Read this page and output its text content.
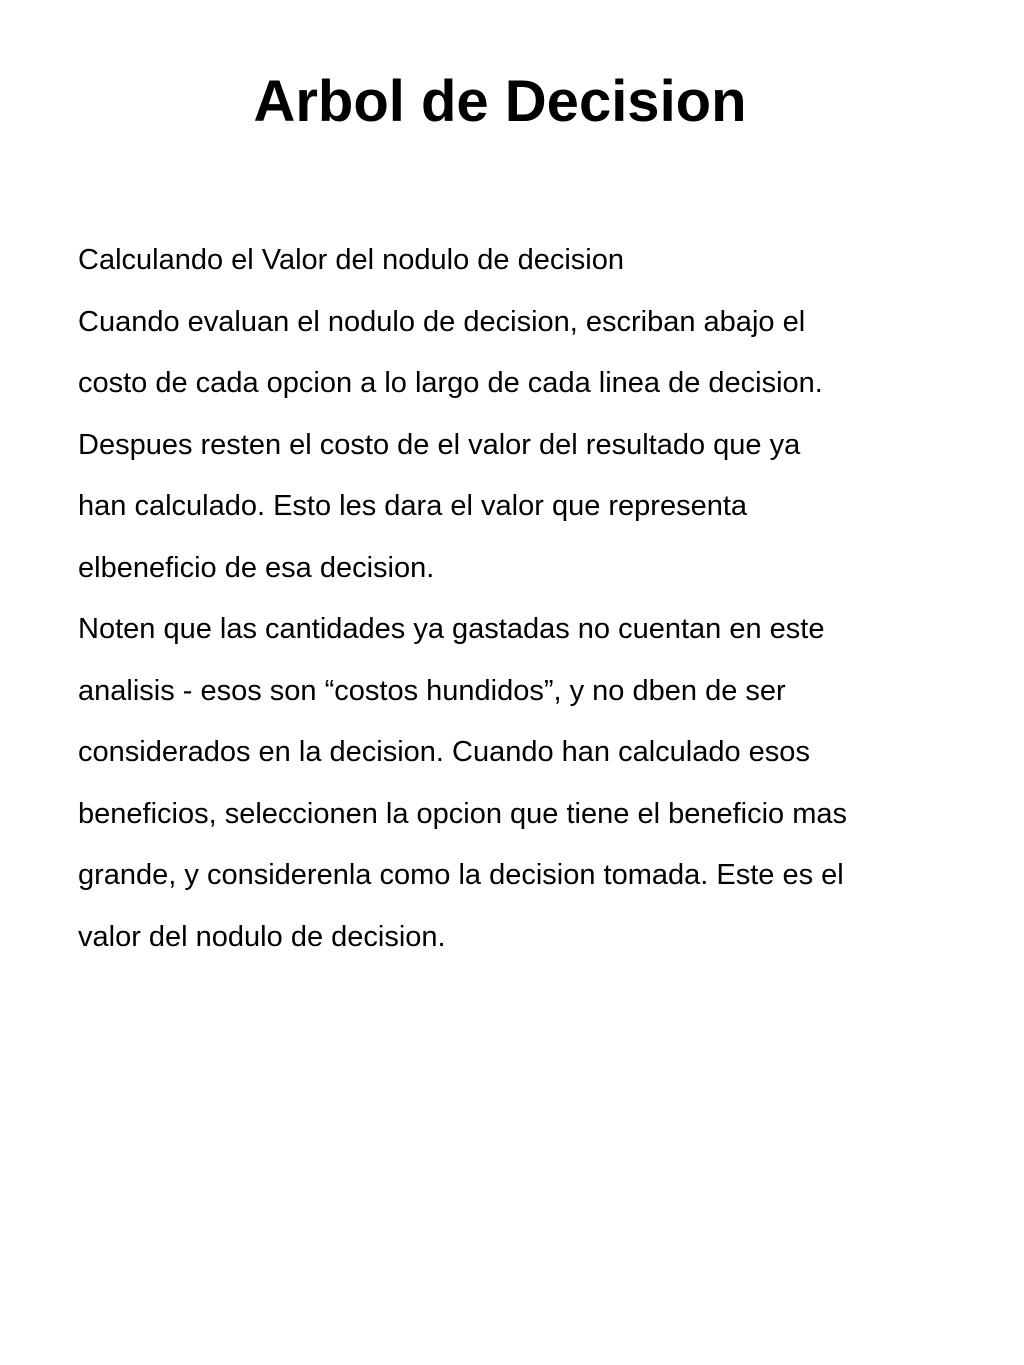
Arbol de Decision

Calculando el Valor del nodulo de decision

Cuando evaluan el nodulo de decision, escriban abajo el

costo de cada opcion a lo largo de cada linea de decision.

Despues resten el costo de el valor del resultado que ya

han calculado. Esto les dara el valor que representa

elbeneficio de esa decision.

Noten que las cantidades ya gastadas no cuentan en este

analisis - esos son “costos hundidos”, y no dben de ser

considerados en la decision. Cuando han calculado esos

beneficios, seleccionen la opcion que tiene el beneficio mas

grande, y considerenla como la decision tomada. Este es el

valor del nodulo de decision.
